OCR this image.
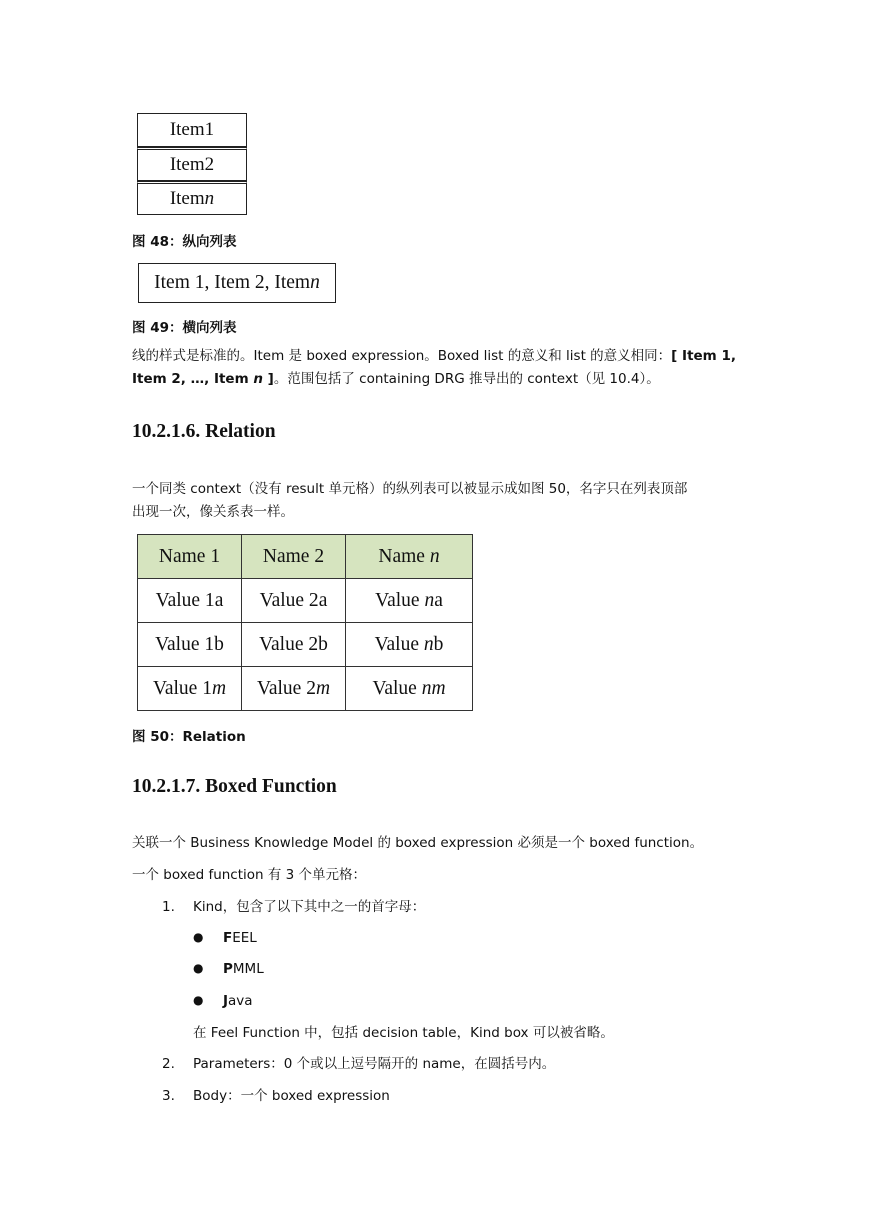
Item 1
Item 2
Item n
图 48：纵向列表
Item 1, Item 2, Item n
图 49：横向列表
线的样式是标准的。Item 是 boxed expression。Boxed list 的意义和 list 的意义相同：[ Item 1,
Item 2, …, Item n ]。范围包括了 containing DRG 推导出的 context（见 10.4）。
10.2.1.6. Relation
一个同类 context（没有 result 单元格）的纵列表可以被显示成如图 50，名字只在列表顶部
出现一次，像关系表一样。
Name 1	Name 2	Name n
Value 1a	Value 2a	Value na
Value 1b	Value 2b	Value nb
Value 1m	Value 2m	Value nm
图 50：Relation
10.2.1.7. Boxed Function
关联一个 Business Knowledge Model 的 boxed expression 必须是一个 boxed function。
一个 boxed function 有 3 个单元格：
1. Kind，包含了以下其中之一的首字母：
● FEEL
● PMML
● Java
在 Feel Function 中，包括 decision table，Kind box 可以被省略。
2. Parameters：0 个或以上逗号隔开的 name，在圆括号内。
3. Body：一个 boxed expression
